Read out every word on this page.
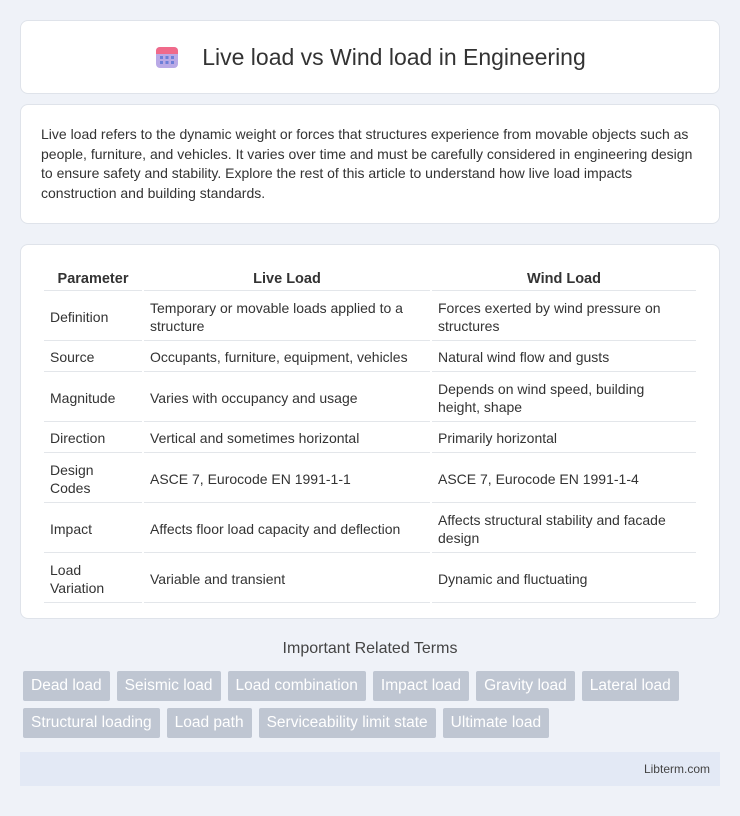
Live load vs Wind load in Engineering

Live load refers to the dynamic weight or forces that structures experience from movable objects such as people, furniture, and vehicles. It varies over time and must be carefully considered in engineering design to ensure safety and stability. Explore the rest of this article to understand how live load impacts construction and building standards.

Parameter	Live Load	Wind Load
Definition	Temporary or movable loads applied to a structure	Forces exerted by wind pressure on structures
Source	Occupants, furniture, equipment, vehicles	Natural wind flow and gusts
Magnitude	Varies with occupancy and usage	Depends on wind speed, building height, shape
Direction	Vertical and sometimes horizontal	Primarily horizontal
Design Codes	ASCE 7, Eurocode EN 1991-1-1	ASCE 7, Eurocode EN 1991-1-4
Impact	Affects floor load capacity and deflection	Affects structural stability and facade design
Load Variation	Variable and transient	Dynamic and fluctuating
Important Related Terms
Dead load	Seismic load	Load combination	Impact load	Gravity load	Lateral load
Structural loading	Load path	Serviceability limit state	Ultimate load
Libterm.com
